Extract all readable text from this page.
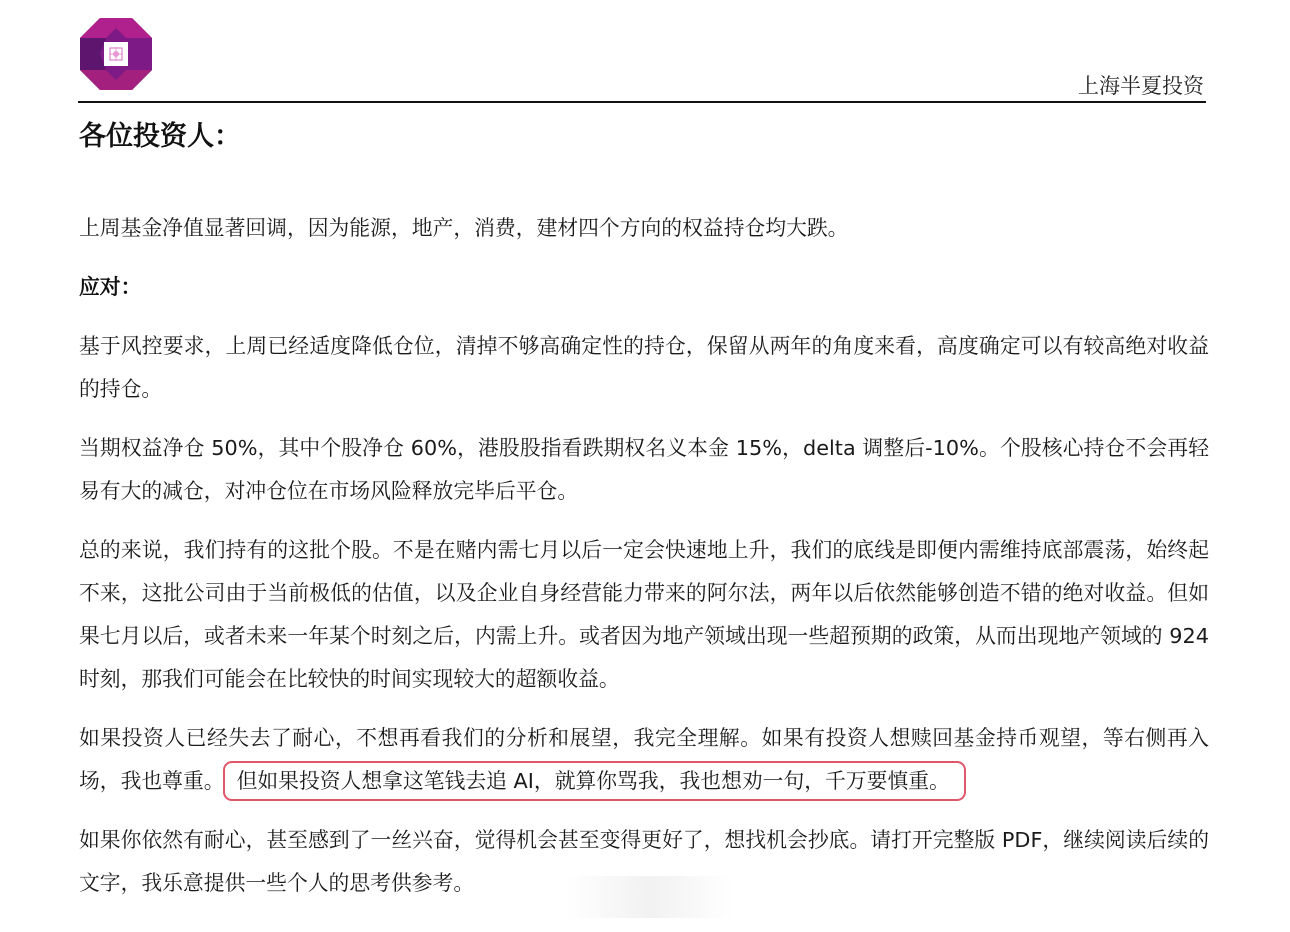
上海半夏投资
各位投资人：
上周基金净值显著回调，因为能源，地产，消费，建材四个方向的权益持仓均大跌。
应对：
基于风控要求，上周已经适度降低仓位，清掉不够高确定性的持仓，保留从两年的角度来看，高度确定可以有较高绝对收益的持仓。
当期权益净仓 50%，其中个股净仓 60%，港股股指看跌期权名义本金 15%，delta 调整后-10%。个股核心持仓不会再轻易有大的减仓，对冲仓位在市场风险释放完毕后平仓。
总的来说，我们持有的这批个股。不是在赌内需七月以后一定会快速地上升，我们的底线是即便内需维持底部震荡，始终起不来，这批公司由于当前极低的估值，以及企业自身经营能力带来的阿尔法，两年以后依然能够创造不错的绝对收益。但如果七月以后，或者未来一年某个时刻之后，内需上升。或者因为地产领域出现一些超预期的政策，从而出现地产领域的 924 时刻，那我们可能会在比较快的时间实现较大的超额收益。
如果投资人已经失去了耐心，不想再看我们的分析和展望，我完全理解。如果有投资人想赎回基金持币观望，等右侧再入场，我也尊重。 但如果投资人想拿这笔钱去追 AI，就算你骂我，我也想劝一句，千万要慎重。
如果你依然有耐心，甚至感到了一丝兴奋，觉得机会甚至变得更好了，想找机会抄底。请打开完整版 PDF，继续阅读后续的文字，我乐意提供一些个人的思考供参考。
